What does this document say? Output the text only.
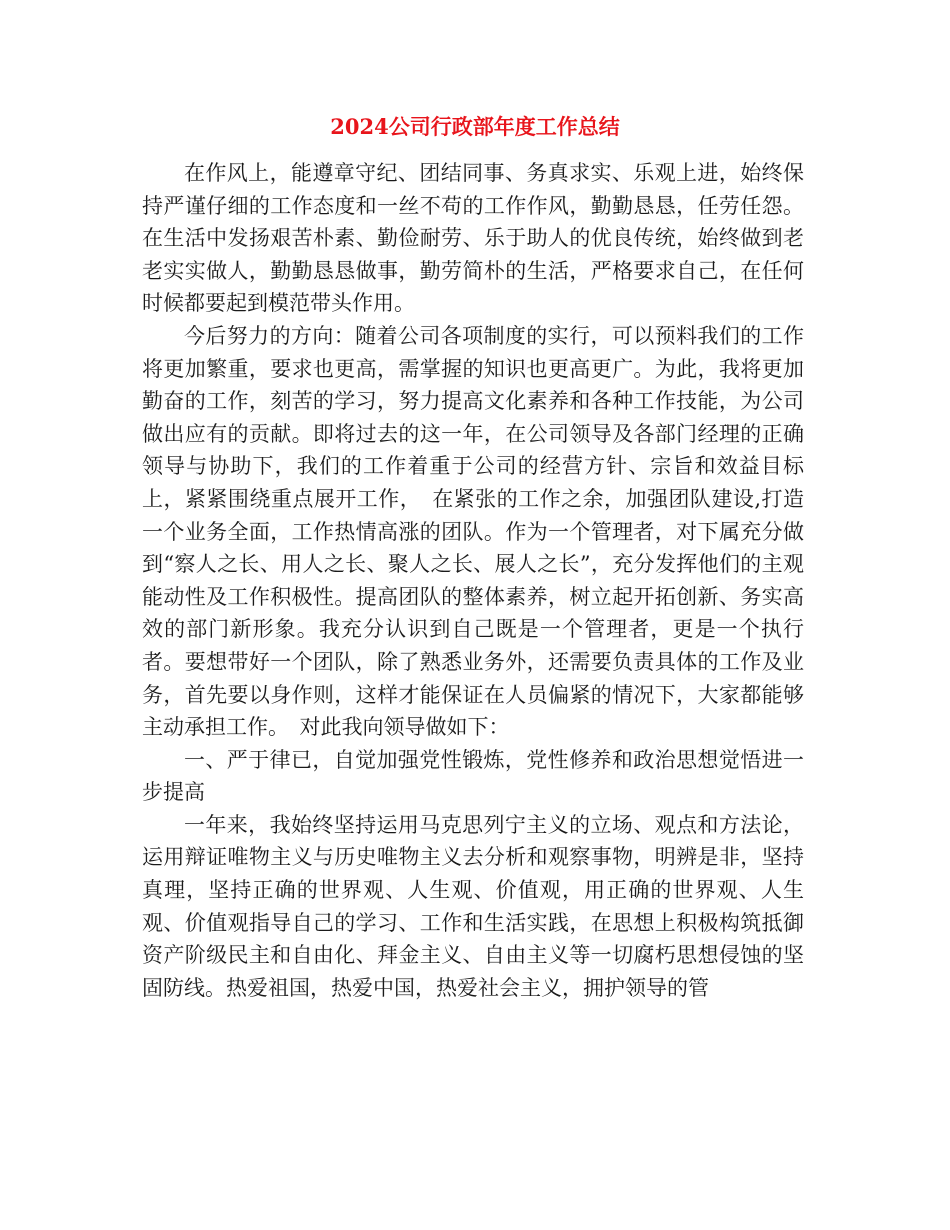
2024公司行政部年度工作总结

在作风上，能遵章守纪、团结同事、务真求实、乐观上进，始终保持严谨仔细的工作态度和一丝不苟的工作作风，勤勤恳恳，任劳任怨。在生活中发扬艰苦朴素、勤俭耐劳、乐于助人的优良传统，始终做到老老实实做人，勤勤恳恳做事，勤劳简朴的生活，严格要求自己，在任何时候都要起到模范带头作用。

今后努力的方向：随着公司各项制度的实行，可以预料我们的工作将更加繁重，要求也更高，需掌握的知识也更高更广。为此，我将更加勤奋的工作，刻苦的学习，努力提高文化素养和各种工作技能，为公司做出应有的贡献。即将过去的这一年，在公司领导及各部门经理的正确领导与协助下，我们的工作着重于公司的经营方针、宗旨和效益目标上，紧紧围绕重点展开工作，　在紧张的工作之余，加强团队建设,打造一个业务全面，工作热情高涨的团队。作为一个管理者，对下属充分做到“察人之长、用人之长、聚人之长、展人之长”，充分发挥他们的主观能动性及工作积极性。提高团队的整体素养，树立起开拓创新、务实高效的部门新形象。我充分认识到自己既是一个管理者，更是一个执行者。要想带好一个团队，除了熟悉业务外，还需要负责具体的工作及业务，首先要以身作则，这样才能保证在人员偏紧的情况下，大家都能够主动承担工作。　对此我向领导做如下：

一、严于律已，自觉加强党性锻炼，党性修养和政治思想觉悟进一步提高

一年来，我始终坚持运用马克思列宁主义的立场、观点和方法论，运用辩证唯物主义与历史唯物主义去分析和观察事物，明辨是非，坚持真理，坚持正确的世界观、人生观、价值观，用正确的世界观、人生观、价值观指导自己的学习、工作和生活实践，在思想上积极构筑抵御资产阶级民主和自由化、拜金主义、自由主义等一切腐朽思想侵蚀的坚固防线。热爱祖国，热爱中国，热爱社会主义，拥护领导的管
